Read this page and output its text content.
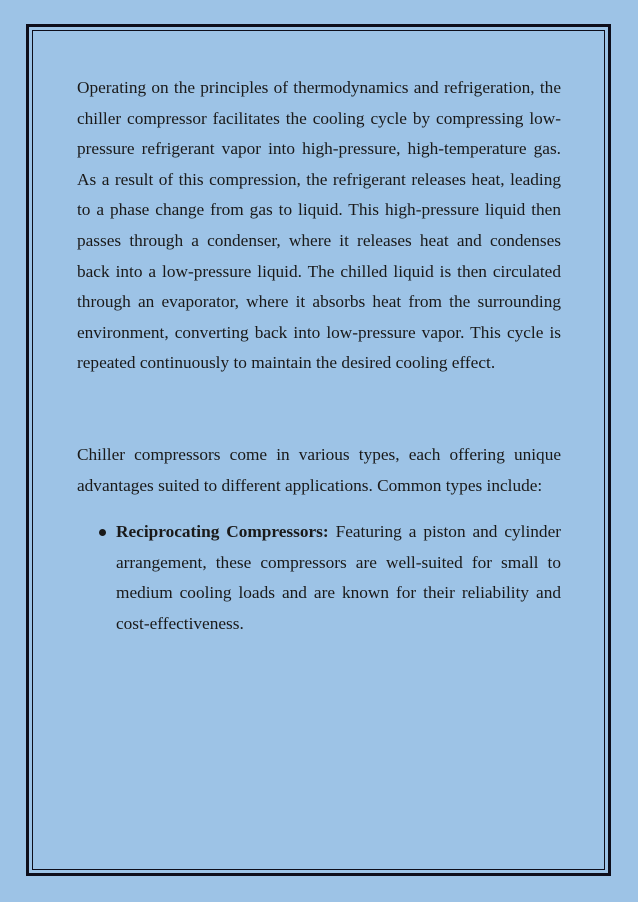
Operating on the principles of thermodynamics and refrigeration, the chiller compressor facilitates the cooling cycle by compressing low-pressure refrigerant vapor into high-pressure, high-temperature gas. As a result of this compression, the refrigerant releases heat, leading to a phase change from gas to liquid. This high-pressure liquid then passes through a condenser, where it releases heat and condenses back into a low-pressure liquid. The chilled liquid is then circulated through an evaporator, where it absorbs heat from the surrounding environment, converting back into low-pressure vapor. This cycle is repeated continuously to maintain the desired cooling effect.

Chiller compressors come in various types, each offering unique advantages suited to different applications. Common types include:

Reciprocating Compressors: Featuring a piston and cylinder arrangement, these compressors are well-suited for small to medium cooling loads and are known for their reliability and cost-effectiveness.
